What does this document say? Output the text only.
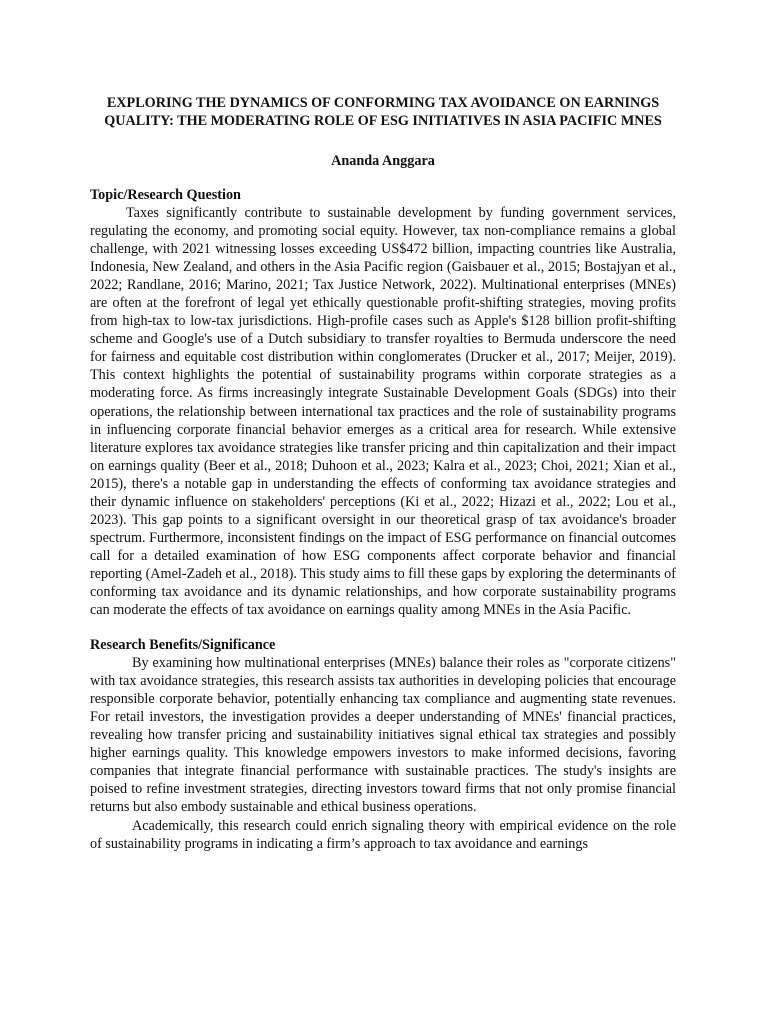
EXPLORING THE DYNAMICS OF CONFORMING TAX AVOIDANCE ON EARNINGS QUALITY: THE MODERATING ROLE OF ESG INITIATIVES IN ASIA PACIFIC MNES
Ananda Anggara
Topic/Research Question

Taxes significantly contribute to sustainable development by funding government services, regulating the economy, and promoting social equity. However, tax non-compliance remains a global challenge, with 2021 witnessing losses exceeding US$472 billion, impacting countries like Australia, Indonesia, New Zealand, and others in the Asia Pacific region (Gaisbauer et al., 2015; Bostajyan et al., 2022; Randlane, 2016; Marino, 2021; Tax Justice Network, 2022). Multinational enterprises (MNEs) are often at the forefront of legal yet ethically questionable profit-shifting strategies, moving profits from high-tax to low-tax jurisdictions. High-profile cases such as Apple's $128 billion profit-shifting scheme and Google's use of a Dutch subsidiary to transfer royalties to Bermuda underscore the need for fairness and equitable cost distribution within conglomerates (Drucker et al., 2017; Meijer, 2019). This context highlights the potential of sustainability programs within corporate strategies as a moderating force. As firms increasingly integrate Sustainable Development Goals (SDGs) into their operations, the relationship between international tax practices and the role of sustainability programs in influencing corporate financial behavior emerges as a critical area for research. While extensive literature explores tax avoidance strategies like transfer pricing and thin capitalization and their impact on earnings quality (Beer et al., 2018; Duhoon et al., 2023; Kalra et al., 2023; Choi, 2021; Xian et al., 2015), there's a notable gap in understanding the effects of conforming tax avoidance strategies and their dynamic influence on stakeholders' perceptions (Ki et al., 2022; Hizazi et al., 2022; Lou et al., 2023). This gap points to a significant oversight in our theoretical grasp of tax avoidance's broader spectrum. Furthermore, inconsistent findings on the impact of ESG performance on financial outcomes call for a detailed examination of how ESG components affect corporate behavior and financial reporting (Amel-Zadeh et al., 2018). This study aims to fill these gaps by exploring the determinants of conforming tax avoidance and its dynamic relationships, and how corporate sustainability programs can moderate the effects of tax avoidance on earnings quality among MNEs in the Asia Pacific.

Research Benefits/Significance

By examining how multinational enterprises (MNEs) balance their roles as "corporate citizens" with tax avoidance strategies, this research assists tax authorities in developing policies that encourage responsible corporate behavior, potentially enhancing tax compliance and augmenting state revenues. For retail investors, the investigation provides a deeper understanding of MNEs' financial practices, revealing how transfer pricing and sustainability initiatives signal ethical tax strategies and possibly higher earnings quality. This knowledge empowers investors to make informed decisions, favoring companies that integrate financial performance with sustainable practices. The study's insights are poised to refine investment strategies, directing investors toward firms that not only promise financial returns but also embody sustainable and ethical business operations.

Academically, this research could enrich signaling theory with empirical evidence on the role of sustainability programs in indicating a firm’s approach to tax avoidance and earnings
